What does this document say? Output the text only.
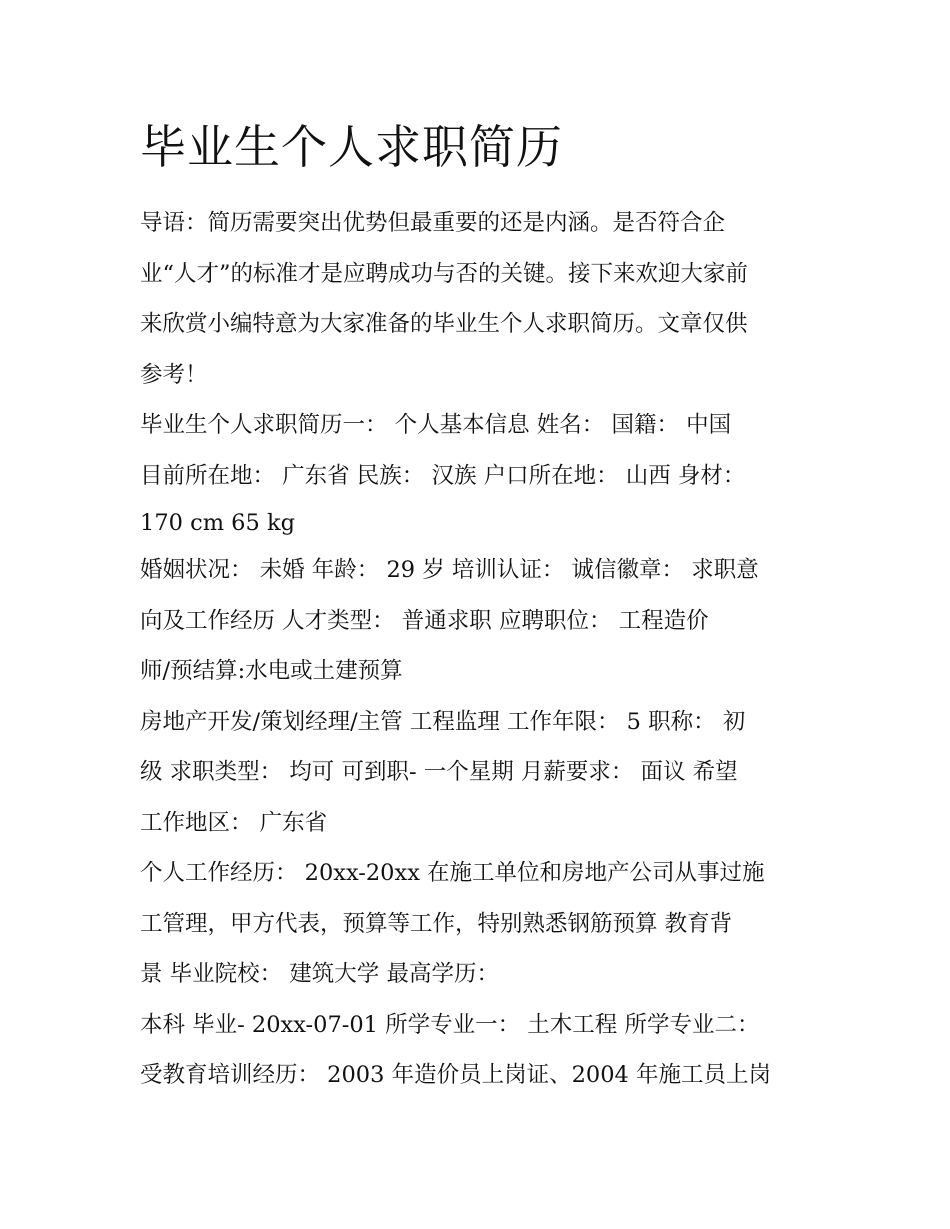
毕业生个人求职简历
导语：简历需要突出优势但最重要的还是内涵。是否符合企
业“人才”的标准才是应聘成功与否的关键。接下来欢迎大家前
来欣赏小编特意为大家准备的毕业生个人求职简历。文章仅供
参考！
毕业生个人求职简历一： 个人基本信息 姓名： 国籍： 中国
目前所在地： 广东省 民族： 汉族 户口所在地： 山西 身材：
170 cm 65 kg
婚姻状况： 未婚 年龄： 29 岁 培训认证： 诚信徽章： 求职意
向及工作经历 人才类型： 普通求职 应聘职位： 工程造价
师/预结算:水电或土建预算
房地产开发/策划经理/主管 工程监理 工作年限： 5 职称： 初
级 求职类型： 均可 可到职- 一个星期 月薪要求： 面议 希望
工作地区： 广东省
个人工作经历： 20xx-20xx 在施工单位和房地产公司从事过施
工管理，甲方代表，预算等工作，特别熟悉钢筋预算 教育背
景 毕业院校： 建筑大学 最高学历：
本科 毕业- 20xx-07-01 所学专业一： 土木工程 所学专业二：
受教育培训经历： 2003 年造价员上岗证、2004 年施工员上岗
